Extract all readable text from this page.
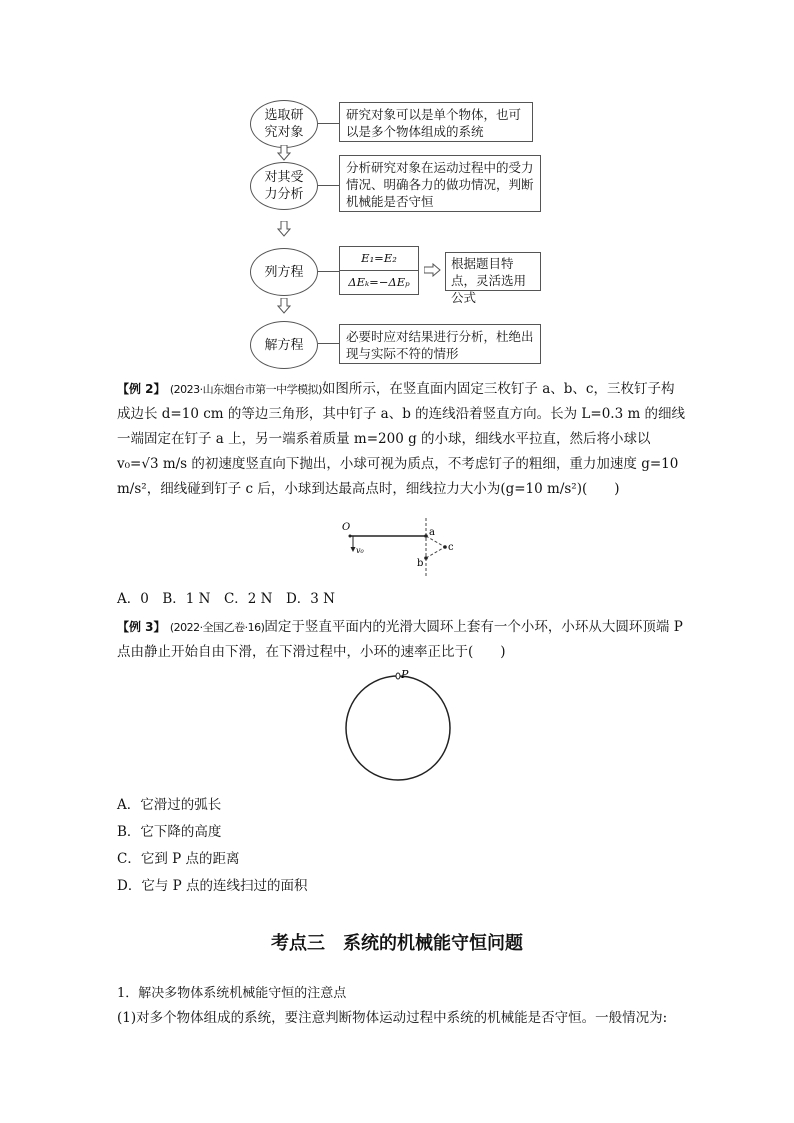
选取研
究对象
研究对象可以是单个物体，也可以是多个物体组成的系统
对其受
力分析
分析研究对象在运动过程中的受力情况、明确各力的做功情况，判断机械能是否守恒
列方程
E₁=E₂
ΔEₖ=−ΔEₚ
根据题目特点，灵活选用公式
解方程
必要时应对结果进行分析，杜绝出现与实际不符的情形
【例 2】 (2023·山东烟台市第一中学模拟)如图所示，在竖直面内固定三枚钉子 a、b、c，三枚钉子构成边长 d=10 cm 的等边三角形，其中钉子 a、b 的连线沿着竖直方向。长为 L=0.3 m 的细线一端固定在钉子 a 上，另一端系着质量 m=200 g 的小球，细线水平拉直，然后将小球以 v₀=√3 m/s 的初速度竖直向下抛出，小球可视为质点，不考虑钉子的粗细，重力加速度 g=10 m/s²，细线碰到钉子 c 后，小球到达最高点时，细线拉力大小为(g=10 m/s²)(　　)
O
v₀
a
b
c
A．0　B．1 N　C．2 N　D．3 N
【例 3】 (2022·全国乙卷·16)固定于竖直平面内的光滑大圆环上套有一个小环，小环从大圆环顶端 P 点由静止开始自由下滑，在下滑过程中，小环的速率正比于(　　)
P
A．它滑过的弧长
B．它下降的高度
C．它到 P 点的距离
D．它与 P 点的连线扫过的面积
考点三　系统的机械能守恒问题
1．解决多物体系统机械能守恒的注意点
(1)对多个物体组成的系统，要注意判断物体运动过程中系统的机械能是否守恒。一般情况为:
